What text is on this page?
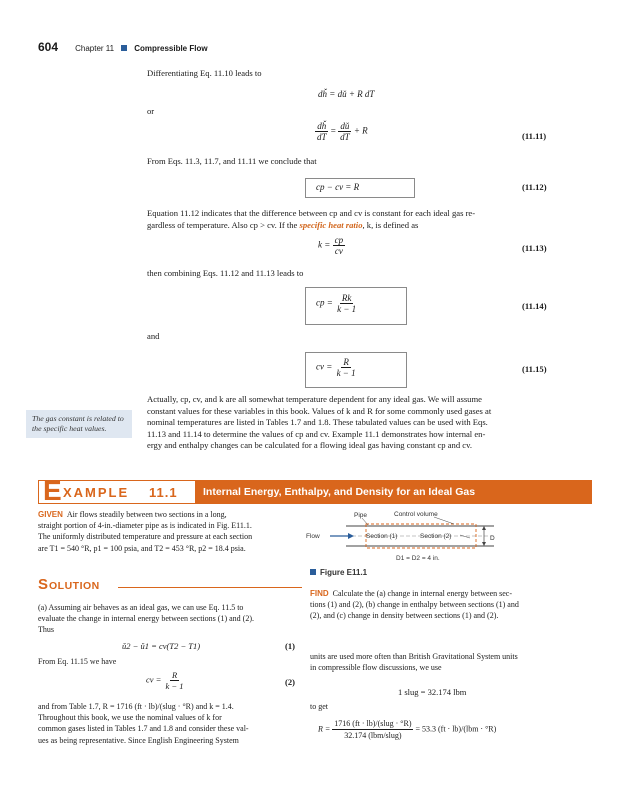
604 Chapter 11	Compressible Flow
Differentiating Eq. 11.10 leads to
dȟ = dǔ + R dT
or
$\frac{dȟ}{dT} = \frac{dǔ}{dT} + R$
(11.11)
From Eqs. 11.3, 11.7, and 11.11 we conclude that
cp − cv = R	(11.12)
Equation 11.12 indicates that the difference between cp and cv is constant for each ideal gas re-
gardless of temperature. Also cp > cv. If the specific heat ratio, k, is defined as
$k = \frac{cp}{cv}$	(11.13)
then combining Eqs. 11.12 and 11.13 leads to
cp = $\frac{Rk}{k - 1}$	(11.14)
and
cv = $\frac{R}{k - 1}$	(11.15)
Actually, cp, cv, and k are all somewhat temperature dependent for any ideal gas. We will assume
constant values for these variables in this book. Values of k and R for some commonly used gases at
nominal temperatures are listed in Tables 1.7 and 1.8. These tabulated values can be used with Eqs.
11.13 and 11.14 to determine the values of cp and cv. Example 11.1 demonstrates how internal en-
ergy and enthalpy changes can be calculated for a flowing ideal gas having constant cp and cv.
The gas constant is related to the specific heat values.
E XAMPLE 11.1 Internal Energy, Enthalpy, and Density for an Ideal Gas
GIVEN Air flows steadily between two sections in a long,
straight portion of 4-in.-diameter pipe as is indicated in Fig. E11.1.
The uniformly distributed temperature and pressure at each section
are T1 = 540 °R, p1 = 100 psia, and T2 = 453 °R, p2 = 18.4 psia.
Pipe	Control volume
Flow	Section (1)	Section (2)	D
D1 = D2 = 4 in.
Figure E11.1
S OLUTION
(a) Assuming air behaves as an ideal gas, we can use Eq. 11.5 to
evaluate the change in internal energy between sections (1) and (2).
Thus
ǔ2 − ǔ1 = cv(T2 − T1)	(1)
From Eq. 11.15 we have
cv = $\frac{R}{k - 1}$	(2)
and from Table 1.7, R = 1716 (ft · lb)/(slug · °R) and k = 1.4.
Throughout this book, we use the nominal values of k for
common gases listed in Tables 1.7 and 1.8 and consider these val-
ues as being representative. Since English Engineering System
FIND Calculate the (a) change in internal energy between sec-
tions (1) and (2), (b) change in enthalpy between sections (1) and
(2), and (c) change in density between sections (1) and (2).
units are used more often than British Gravitational System units
in compressible flow discussions, we use
1 slug = 32.174 lbm
to get
$R = \frac{\text{1716 (ft · lb)/(slug · °R)}}{\text{32.174 (lbm/slug)}} = 53.3$ (ft · lb)/(lbm · °R)
